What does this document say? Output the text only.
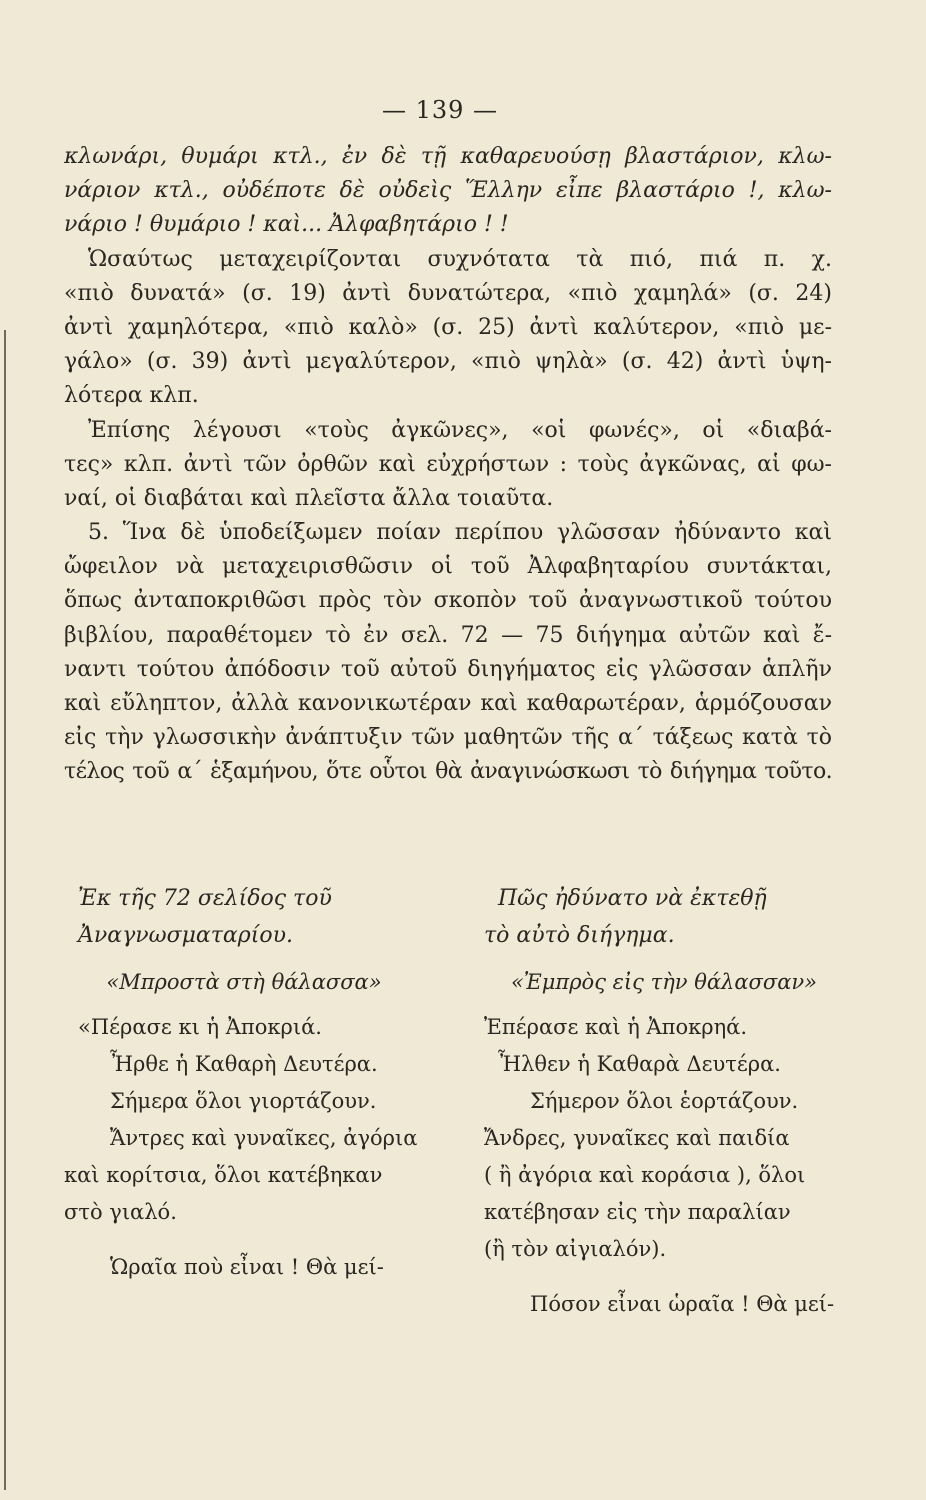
— 139 —
κλωνάρι, θυμάρι κτλ., ἐν δὲ τῇ καθαρευούσῃ βλαστάριον, κλω-
νάριον κτλ., οὐδέποτε δὲ οὐδεὶς Ἕλλην εἶπε βλαστάριο !, κλω-
νάριο ! θυμάριο ! καὶ... Ἀλφαβητάριο ! !
Ὡσαύτως μεταχειρίζονται συχνότατα τὰ πιό, πιά π. χ.
«πιὸ δυνατά» (σ. 19) ἀντὶ δυνατώτερα, «πιὸ χαμηλά» (σ. 24)
ἀντὶ χαμηλότερα, «πιὸ καλὸ» (σ. 25) ἀντὶ καλύτερον, «πιὸ με-
γάλο» (σ. 39) ἀντὶ μεγαλύτερον, «πιὸ ψηλὰ» (σ. 42) ἀντὶ ὑψη-
λότερα κλπ.
Ἐπίσης λέγουσι «τοὺς ἀγκῶνες», «οἱ φωνές», οἱ «διαβά-
τες» κλπ. ἀντὶ τῶν ὀρθῶν καὶ εὐχρήστων : τοὺς ἀγκῶνας, αἱ φω-
ναί, οἱ διαβάται καὶ πλεῖστα ἄλλα τοιαῦτα.
5. Ἵνα δὲ ὑποδείξωμεν ποίαν περίπου γλῶσσαν ἠδύναντο καὶ
ὤφειλον νὰ μεταχειρισθῶσιν οἱ τοῦ Ἀλφαβηταρίου συντάκται,
ὅπως ἀνταποκριθῶσι πρὸς τὸν σκοπὸν τοῦ ἀναγνωστικοῦ τούτου
βιβλίου, παραθέτομεν τὸ ἐν σελ. 72 — 75 διήγημα αὐτῶν καὶ ἔ-
ναντι τούτου ἀπόδοσιν τοῦ αὐτοῦ διηγήματος εἰς γλῶσσαν ἁπλῆν
καὶ εὔληπτον, ἀλλὰ κανονικωτέραν καὶ καθαρωτέραν, ἁρμόζουσαν
εἰς τὴν γλωσσικὴν ἀνάπτυξιν τῶν μαθητῶν τῆς α΄ τάξεως κατὰ τὸ
τέλος τοῦ α΄ ἑξαμήνου, ὅτε οὗτοι θὰ ἀναγινώσκωσι τὸ διήγημα τοῦτο.
Ἐκ τῆς 72 σελίδος τοῦ
Ἀναγνωσματαρίου.
«Μπροστὰ στὴ θάλασσα»
«Πέρασε κι ἡ Ἀποκριά.
Ἦρθε ἡ Καθαρὴ Δευτέρα.
Σήμερα ὅλοι γιορτάζουν.
Ἄντρες καὶ γυναῖκες, ἀγόρια
καὶ κορίτσια, ὅλοι κατέβηκαν
στὸ γιαλό.
Ὡραῖα ποὺ εἶναι ! Θὰ μεί-
Πῶς ἠδύνατο νὰ ἐκτεθῇ
τὸ αὐτὸ διήγημα.
«Ἐμπρὸς εἰς τὴν θάλασσαν»
Ἐπέρασε καὶ ἡ Ἀποκρηά.
Ἦλθεν ἡ Καθαρὰ Δευτέρα.
Σήμερον ὅλοι ἑορτάζουν.
Ἄνδρες, γυναῖκες καὶ παιδία
( ἢ ἀγόρια καὶ κοράσια ), ὅλοι
κατέβησαν εἰς τὴν παραλίαν
(ἢ τὸν αἰγιαλόν).
Πόσον εἶναι ὡραῖα ! Θὰ μεί-
